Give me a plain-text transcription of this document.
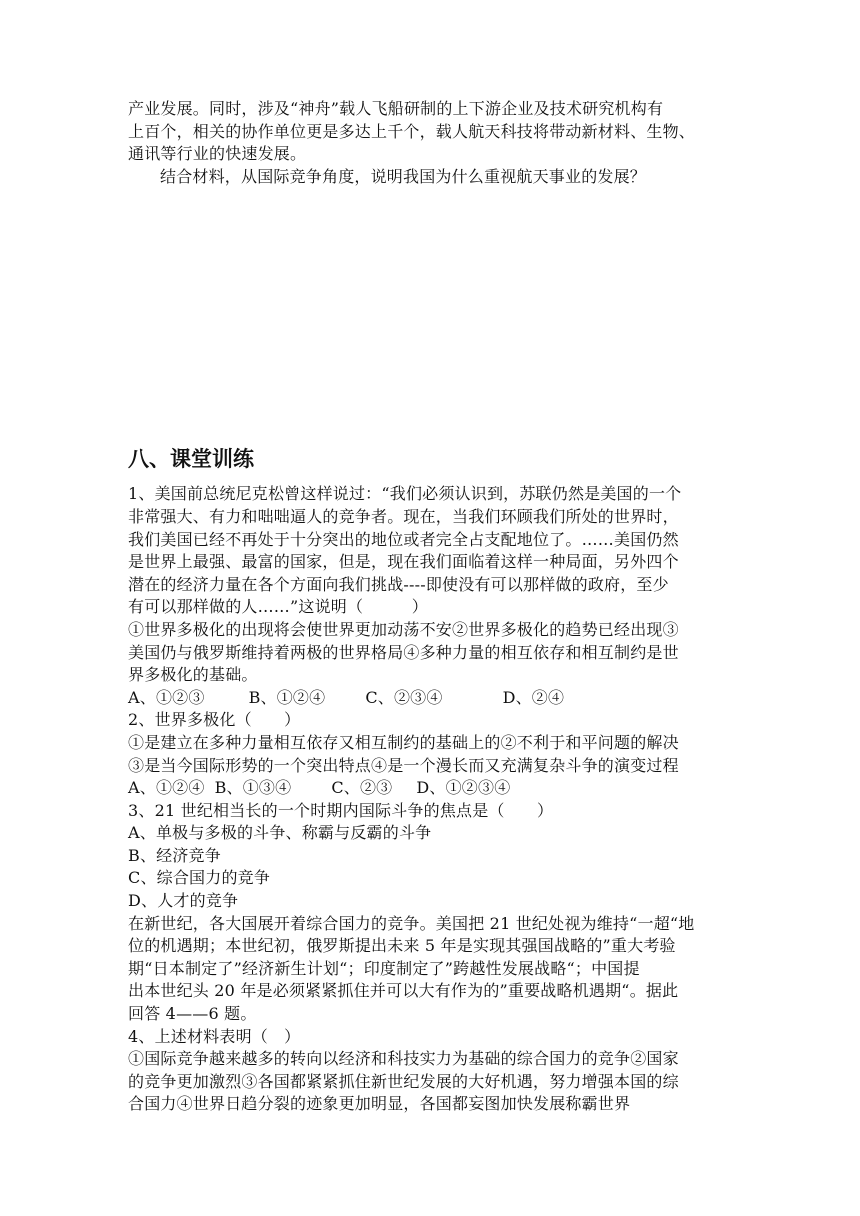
产业发展。同时，涉及“神舟”载人飞船研制的上下游企业及技术研究机构有
上百个，相关的协作单位更是多达上千个，载人航天科技将带动新材料、生物、
通讯等行业的快速发展。
结合材料，从国际竞争角度，说明我国为什么重视航天事业的发展？
八、课堂训练
1、美国前总统尼克松曾这样说过：“我们必须认识到，苏联仍然是美国的一个
非常强大、有力和咄咄逼人的竞争者。现在，当我们环顾我们所处的世界时，
我们美国已经不再处于十分突出的地位或者完全占支配地位了。……美国仍然
是世界上最强、最富的国家，但是，现在我们面临着这样一种局面，另外四个
潜在的经济力量在各个方面向我们挑战----即使没有可以那样做的政府，至少
有可以那样做的人……”这说明（　　　）
①世界多极化的出现将会使世界更加动荡不安②世界多极化的趋势已经出现③
美国仍与俄罗斯维持着两极的世界格局④多种力量的相互依存和相互制约是世
界多极化的基础。
A、①②③	B、①②④	C、②③④	D、②④
2、世界多极化（　　）
①是建立在多种力量相互依存又相互制约的基础上的②不利于和平问题的解决
③是当今国际形势的一个突出特点④是一个漫长而又充满复杂斗争的演变过程
A、①②④ B、①③④	C、②③ D、①②③④
3、21 世纪相当长的一个时期内国际斗争的焦点是（　　）
A、单极与多极的斗争、称霸与反霸的斗争
B、经济竞争
C、综合国力的竞争
D、人才的竞争
在新世纪，各大国展开着综合国力的竞争。美国把 21 世纪处视为维持“一超“地
位的机遇期；本世纪初，俄罗斯提出未来 5 年是实现其强国战略的”重大考验
期“日本制定了”经济新生计划“；印度制定了”跨越性发展战略“；中国提
出本世纪头 20 年是必须紧紧抓住并可以大有作为的”重要战略机遇期“。据此
回答 4——6 题。
4、上述材料表明（　）
①国际竞争越来越多的转向以经济和科技实力为基础的综合国力的竞争②国家
的竞争更加激烈③各国都紧紧抓住新世纪发展的大好机遇，努力增强本国的综
合国力④世界日趋分裂的迹象更加明显，各国都妄图加快发展称霸世界
